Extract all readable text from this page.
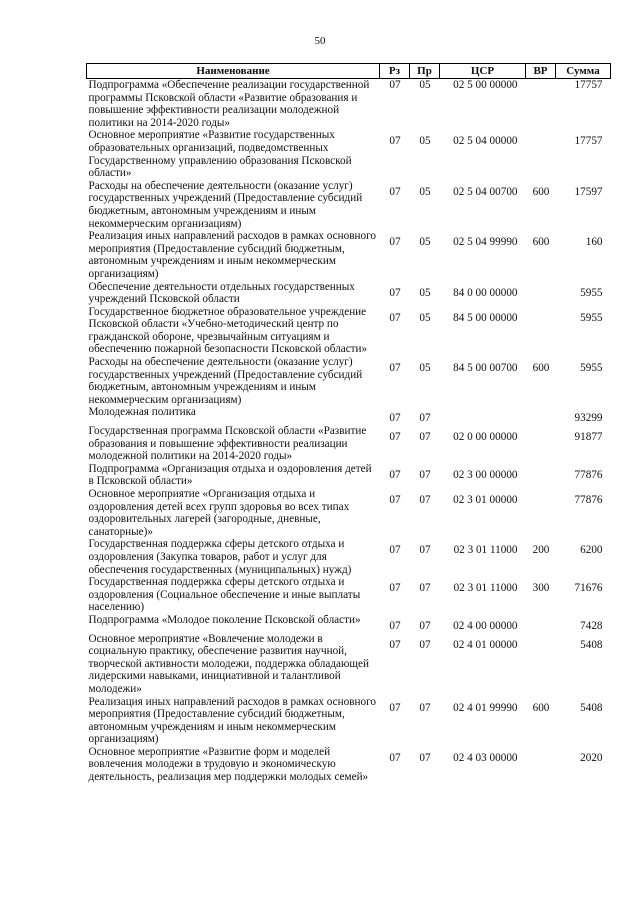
50
Наименование	Рз	Пр	ЦСР	ВР	Сумма
Подпрограмма «Обеспечение реализации государственной программы Псковской области «Развитие образования и повышение эффективности реализации молодежной политики на 2014-2020 годы»	07	05	02 5 00 00000		17757
Основное мероприятие «Развитие государственных образовательных организаций, подведомственных Государственному управлению образования Псковской области»	07	05	02 5 04 00000		17757
Расходы на обеспечение деятельности (оказание услуг) государственных учреждений (Предоставление субсидий бюджетным, автономным учреждениям и иным некоммерческим организациям)	07	05	02 5 04 00700	600	17597
Реализация иных направлений расходов в рамках основного мероприятия (Предоставление субсидий бюджетным, автономным учреждениям и иным некоммерческим организациям)	07	05	02 5 04 99990	600	160
Обеспечение деятельности отдельных государственных учреждений Псковской области	07	05	84 0 00 00000		5955
Государственное бюджетное образовательное учреждение Псковской области «Учебно-методический центр по гражданской обороне, чрезвычайным ситуациям и обеспечению пожарной безопасности Псковской области»	07	05	84 5 00 00000		5955
Расходы на обеспечение деятельности (оказание услуг) государственных учреждений (Предоставление субсидий бюджетным, автономным учреждениям и иным некоммерческим организациям)	07	05	84 5 00 00700	600	5955
Молодежная политика	07	07			93299
Государственная программа Псковской области «Развитие образования и повышение эффективности реализации молодежной политики на 2014-2020 годы»	07	07	02 0 00 00000		91877
Подпрограмма «Организация отдыха и оздоровления детей в Псковской области»	07	07	02 3 00 00000		77876
Основное мероприятие «Организация отдыха и оздоровления детей всех групп здоровья во всех типах оздоровительных лагерей (загородные, дневные, санаторные)»	07	07	02 3 01 00000		77876
Государственная поддержка сферы детского отдыха и оздоровления (Закупка товаров, работ и услуг для обеспечения государственных (муниципальных) нужд)	07	07	02 3 01 11000	200	6200
Государственная поддержка сферы детского отдыха и оздоровления (Социальное обеспечение и иные выплаты населению)	07	07	02 3 01 11000	300	71676
Подпрограмма «Молодое поколение Псковской области»	07	07	02 4 00 00000		7428
Основное мероприятие «Вовлечение молодежи в социальную практику, обеспечение развития научной, творческой активности молодежи, поддержка обладающей лидерскими навыками, инициативной и талантливой молодежи»	07	07	02 4 01 00000		5408
Реализация иных направлений расходов в рамках основного мероприятия (Предоставление субсидий бюджетным, автономным учреждениям и иным некоммерческим организациям)	07	07	02 4 01 99990	600	5408
Основное мероприятие «Развитие форм и моделей вовлечения молодежи в трудовую и экономическую деятельность, реализация мер поддержки молодых семей»	07	07	02 4 03 00000		2020
